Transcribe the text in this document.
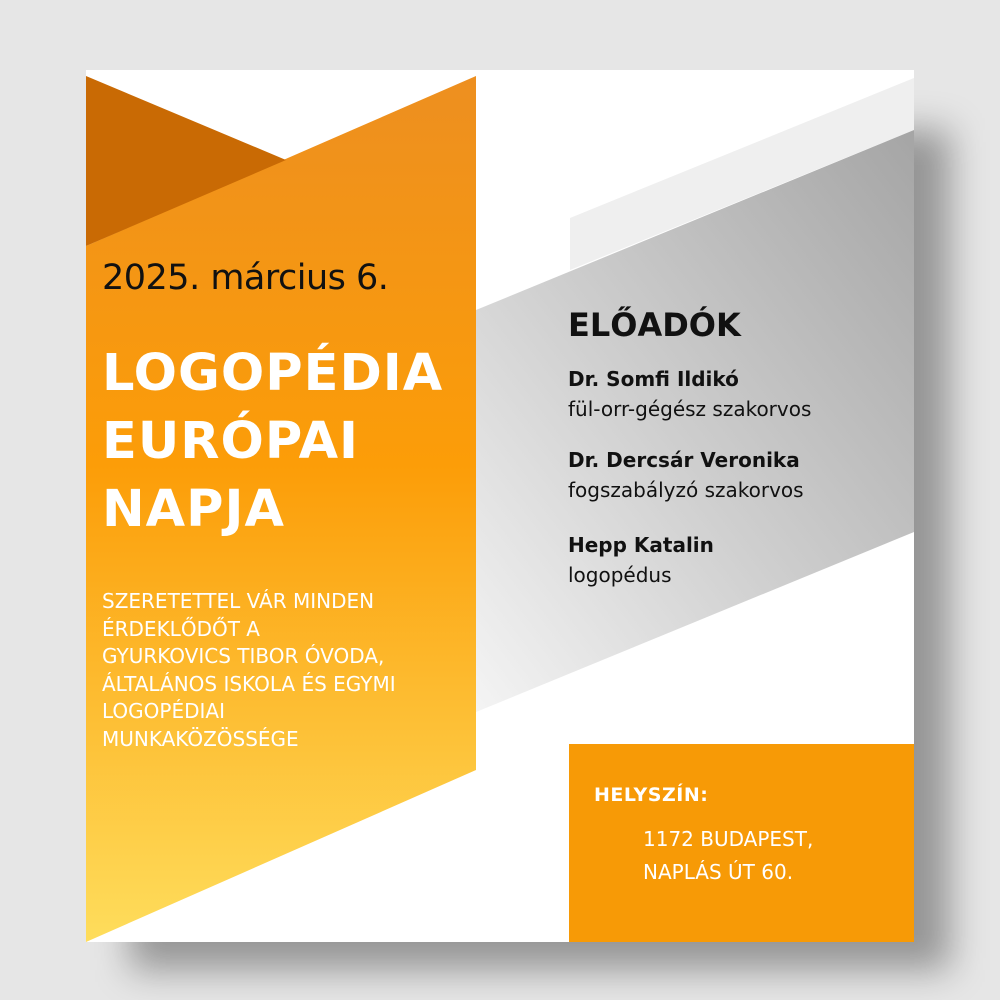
2025. március 6.

LOGOPÉDIA
EURÓPAI
NAPJA

SZERETETTEL VÁR MINDEN
ÉRDEKLŐDŐT A
GYURKOVICS TIBOR ÓVODA,
ÁLTALÁNOS ISKOLA ÉS EGYMI
LOGOPÉDIAI
MUNKAKÖZÖSSÉGE

ELŐADÓK
Dr. Somfi Ildikó
fül-orr-gégész szakorvos
Dr. Dercsár Veronika
fogszabályzó szakorvos
Hepp Katalin
logopédus

HELYSZÍN:

1172 BUDAPEST,
NAPLÁS ÚT 60.
